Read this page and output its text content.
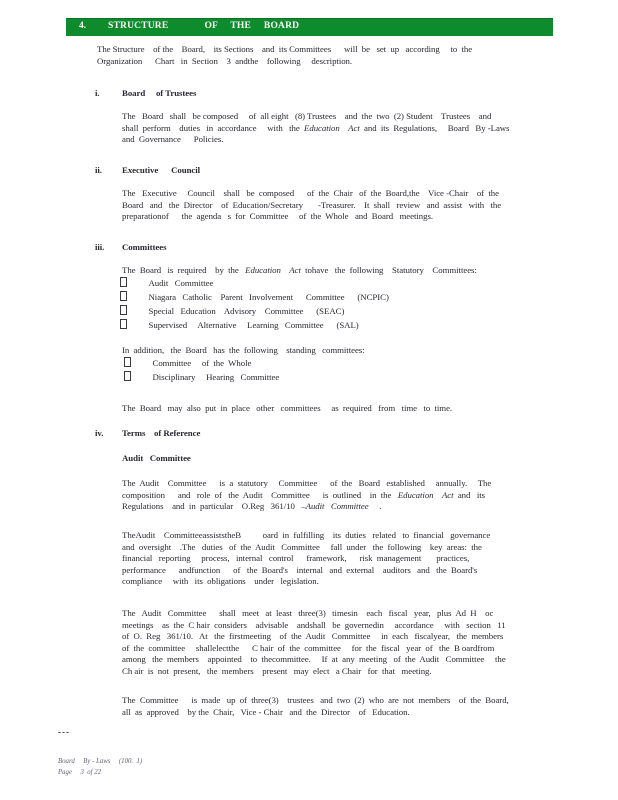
4. STRUCTURE              OF     THE     BOARD
The Structure    of the    Board,    its Sections    and  its Committees      will  be   set  up   according     to  the
Organization      Chart   in  Section    3  andthe    following     description.
i.	Board     of Trustees
The   Board   shall   be composed     of  all eight   (8) Trustees    and  the  two  (2) Student    Trustees    and
shall  perform    duties   in  accordance     with   the  Education    Act  and  its  Regulations,     Board   By -Laws
and  Governance      Policies.
ii. Executive      Council
The   Executive     Council    shall   be  composed      of  the  Chair   of  the  Board,the    Vice -Chair    of  the
Board   and   the  Director    of  Education/Secretary       -Treasurer.    It  shall   review   and  assist   with   the
preparationof      the  agenda   s  for  Committee     of  the  Whole   and  Board   meetings.
iii. Committees
The  Board   is  required    by  the   Education    Act  tohave   the  following    Statutory    Committees:
Audit   Committee
Niagara   Catholic    Parent   Involvement      Committee      (NCPIC)
Special   Education    Advisory    Committee      (SEAC)
Supervised     Alternative     Learning   Committee      (SAL)
In  addition,   the  Board   has  the  following    standing   committees:
Committee     of  the  Whole
Disciplinary     Hearing   Committee
The  Board   may  also  put  in  place   other   committees     as  required   from   time   to  time.
iv. Terms    of Reference
Audit   Committee
The  Audit    Committee      is  a  statutory     Committee      of  the   Board   established     annually.     The
composition      and   role  of   the  Audit    Committee      is  outlined    in  the   Education    Act  and   its
Regulations    and  in  particular    O.Reg   361/10   –Audit   Committee     .
TheAudit    CommitteeassiststheB          oard  in  fulfilling    its  duties   related   to  financial   governance
and  oversight    .The   duties   of  the  Audit   Committee     fall  under   the  following    key  areas:  the
financial   reporting     process,   internal   control      framework,      risk  management       practices,
performance      andfunction      of   the  Board's    internal   and  external    auditors   and   the  Board's
compliance     with   its  obligations    under   legislation.
The   Audit   Committee      shall   meet   at  least   three(3)   timesin    each   fiscal   year,   plus  Ad  H    oc
meetings    as  the  C hair  considers    advisable    andshall   be  governedin     accordance     with   section   11
of  O.  Reg   361/10.   At   the  firstmeeting    of  the  Audit   Committee     in  each   fiscalyear,   the  members
of  the  committee     shallelectthe      C hair  of  the  committee     for  the  fiscal   year  of   the  B oardfrom
among   the  members    appointed    to  thecommittee.     If  at  any  meeting   of  the  Audit   Committee     the
Ch air  is  not  present,   the  members    present   may  elect   a Chair   for  that   meeting.
The  Committee      is  made   up  of  three(3)    trustees   and  two  (2)  who  are  not  members    of  the  Board,
all  as  approved    by the  Chair,   Vice - Chair   and  the  Director    of   Education.
---
Board     By - Laws     (100.  1)
Page     3  of 22
